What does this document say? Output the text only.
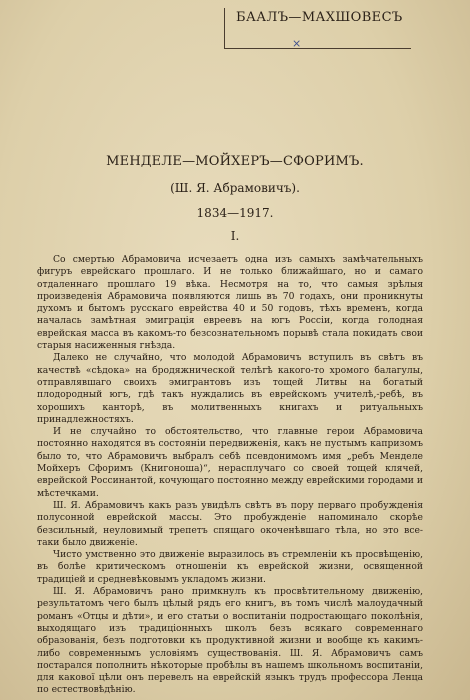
БААЛЪ—МАХШОВЕСЪ
×
МЕНДЕЛЕ—МОЙХЕРЪ—СФОРИМЪ.
(Ш. Я. Абрамовичъ).
1834—1917.
I.

Со смертью Абрамовича исчезаетъ одна изъ самыхъ замѣчательныхъ фигуръ еврейскаго прошлаго. И не только ближайшаго, но и самаго отдаленнаго прошлаго 19 вѣка. Несмотря на то, что самыя зрѣлыя произведенія Абрамовича появляются лишь въ 70 годахъ, они проникнуты духомъ и бытомъ русскаго еврейства 40 и 50 годовъ, тѣхъ временъ, когда началась замѣтная эмиграція евреевъ на югъ Россіи, когда голодная еврейская масса въ какомъ-то безсознательномъ порывѣ стала покидать свои старыя насиженныя гнѣзда.

Далеко не случайно, что молодой Абрамовичъ вступилъ въ свѣтъ въ качествѣ «сѣдока» на бродяжнической телѣгѣ какого-то хромого балагулы, отправлявшаго своихъ эмигрантовъ изъ тощей Литвы на богатый плодородный югъ, гдѣ такъ нуждались въ еврейскомъ учителѣ,-ребѣ, въ хорошихъ канторѣ, въ молитвенныхъ книгахъ и ритуальныхъ принадлежностяхъ.

И не случайно то обстоятельство, что главные герои Абрамовича постоянно находятся въ состояніи передвиженія, какъ не пустымъ капризомъ было то, что Абрамовичъ выбралъ себѣ псевдонимомъ имя „ребъ Менделе Мойхеръ Сфоримъ (Книгоноша)“, нерасплучаго со своей тощей клячей, еврейской Россинантой, кочующаго постоянно между еврейскими городами и мѣстечками.

Ш. Я. Абрамовичъ какъ разъ увидѣлъ свѣтъ въ пору перваго пробужденія полусонной еврейской массы. Это пробужденіе напоминало скорѣе безсильный, неуловимый трепетъ спящаго окоченѣвшаго тѣла, но это все-таки было движеніе.

Чисто умственно это движеніе выразилось въ стремленіи къ просвѣщенію, въ болѣе критическомъ отношеніи къ еврейской жизни, освященной традиціей и средневѣковымъ укладомъ жизни.

Ш. Я. Абрамовичъ рано примкнулъ къ просвѣтительному движенію, результатомъ чего былъ цѣлый рядъ его книгъ, въ томъ числѣ малоудачный романъ «Отцы и дѣти», и его статьи о воспитаніи подростающаго поколѣнія, выходящаго изъ традиціонныхъ школъ безъ всякаго современнаго образованія, безъ подготовки къ продуктивной жизни и вообще къ какимъ-либо современнымъ условіямъ существованія. Ш. Я. Абрамовичъ самъ постарался пополнить нѣкоторые пробѣлы въ нашемъ школьномъ воспитаніи, для какової цѣли онъ перевелъ на еврейскій языкъ трудъ профессора Ленца по естествовѣдѣнію.
